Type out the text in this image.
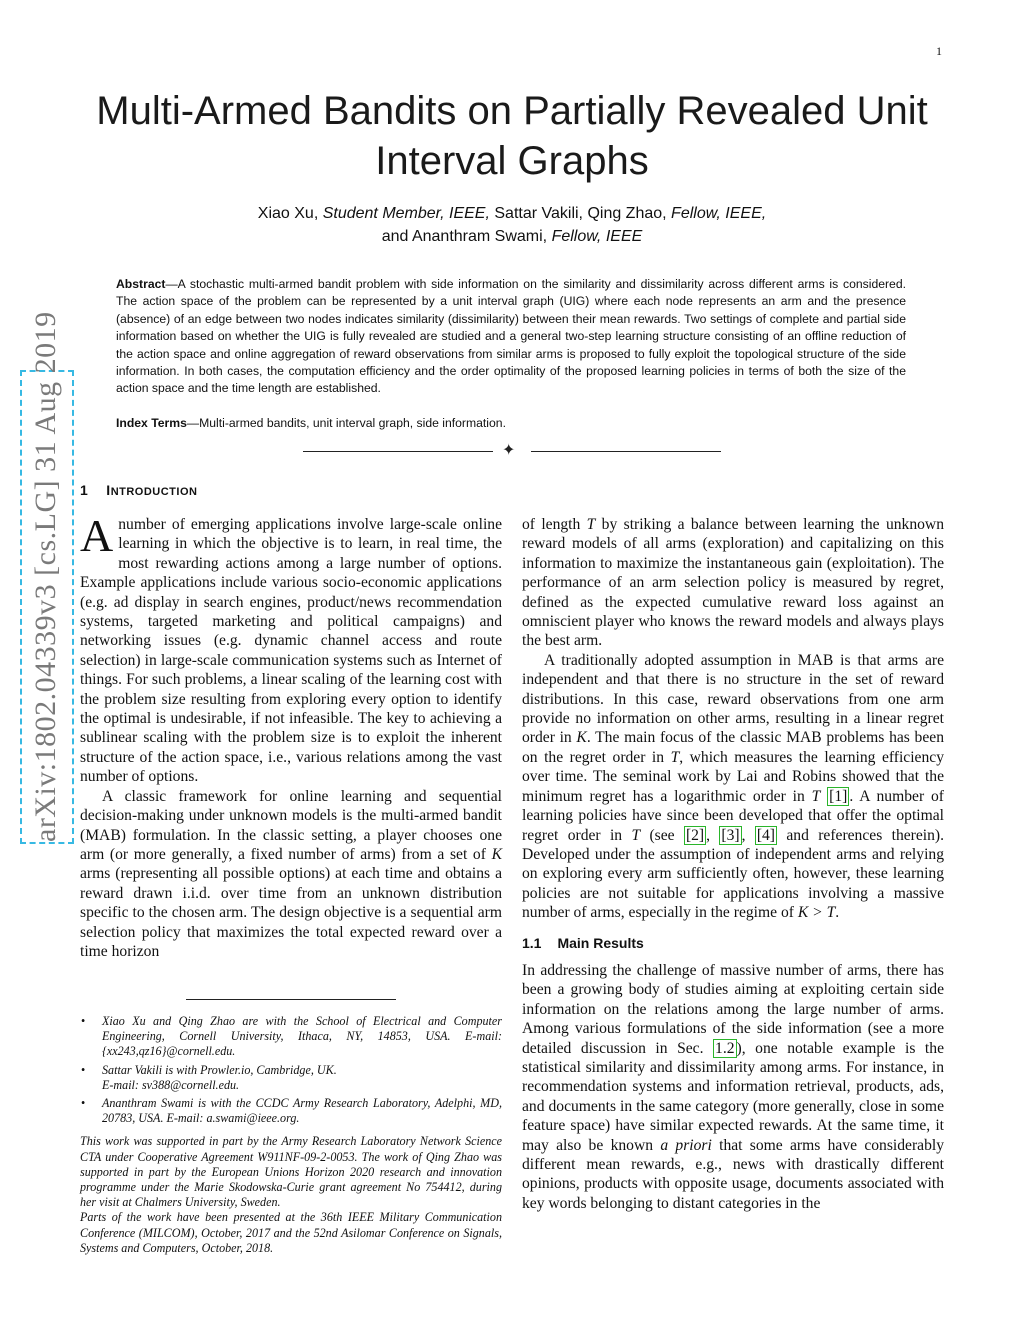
1
Multi-Armed Bandits on Partially Revealed Unit Interval Graphs
Xiao Xu, Student Member, IEEE, Sattar Vakili, Qing Zhao, Fellow, IEEE,
and Ananthram Swami, Fellow, IEEE
Abstract—A stochastic multi-armed bandit problem with side information on the similarity and dissimilarity across different arms is considered. The action space of the problem can be represented by a unit interval graph (UIG) where each node represents an arm and the presence (absence) of an edge between two nodes indicates similarity (dissimilarity) between their mean rewards. Two settings of complete and partial side information based on whether the UIG is fully revealed are studied and a general two-step learning structure consisting of an offline reduction of the action space and online aggregation of reward observations from similar arms is proposed to fully exploit the topological structure of the side information. In both cases, the computation efficiency and the order optimality of the proposed learning policies in terms of both the size of the action space and the time length are established.
Index Terms—Multi-armed bandits, unit interval graph, side information.
✦
arXiv:1802.04339v3 [cs.LG] 31 Aug 2019	1 INTRODUCTION

Anumber of emerging applications involve large-scale online learning in which the objective is to learn, in real time, the most rewarding actions among a large number of options. Example applications include various socio-economic applications (e.g. ad display in search engines, product/news recommendation systems, targeted marketing and political campaigns) and networking issues (e.g. dynamic channel access and route selection) in large-scale communication systems such as Internet of things. For such problems, a linear scaling of the learning cost with the problem size resulting from exploring every option to identify the optimal is undesirable, if not infeasible. The key to achieving a sublinear scaling with the problem size is to exploit the inherent structure of the action space, i.e., various relations among the vast number of options.

A classic framework for online learning and sequential decision-making under unknown models is the multi-armed bandit (MAB) formulation. In the classic setting, a player chooses one arm (or more generally, a fixed number of arms) from a set of K arms (representing all possible options) at each time and obtains a reward drawn i.i.d. over time from an unknown distribution specific to the chosen arm. The design objective is a sequential arm selection policy that maximizes the total expected reward over a time horizon

of length T by striking a balance between learning the unknown reward models of all arms (exploration) and capitalizing on this information to maximize the instantaneous gain (exploitation). The performance of an arm selection policy is measured by regret, defined as the expected cumulative reward loss against an omniscient player who knows the reward models and always plays the best arm.

A traditionally adopted assumption in MAB is that arms are independent and that there is no structure in the set of reward distributions. In this case, reward observations from one arm provide no information on other arms, resulting in a linear regret order in K. The main focus of the classic MAB problems has been on the regret order in T, which measures the learning efficiency over time. The seminal work by Lai and Robins showed that the minimum regret has a logarithmic order in T [1] . A number of learning policies have since been developed that offer the optimal regret order in T (see [2] , [3] , [4] and references therein). Developed under the assumption of independent arms and relying on exploring every arm sufficiently often, however, these learning policies are not suitable for applications involving a massive number of arms, especially in the regime of K > T.

1.1 Main Results

In addressing the challenge of massive number of arms, there has been a growing body of studies aiming at exploiting certain side information on the relations among the large number of arms. Among various formulations of the side information (see a more detailed discussion in Sec. 1.2 ), one notable example is the statistical similarity and dissimilarity among arms. For instance, in recommendation systems and information retrieval, products, ads, and documents in the same category (more generally, close in some feature space) have similar expected rewards. At the same time, it may also be known a priori that some arms have considerably different mean rewards, e.g., news with drastically different opinions, products with opposite usage, documents associated with key words belonging to distant categories in the

• Xiao Xu and Qing Zhao are with the School of Electrical and Computer Engineering, Cornell University, Ithaca, NY, 14853, USA. E-mail: {xx243,qz16}@cornell.edu.
• Sattar Vakili is with Prowler.io, Cambridge, UK.
E-mail: sv388@cornell.edu.
• Ananthram Swami is with the CCDC Army Research Laboratory, Adelphi, MD, 20783, USA. E-mail: a.swami@ieee.org.

This work was supported in part by the Army Research Laboratory Network Science CTA under Cooperative Agreement W911NF-09-2-0053. The work of Qing Zhao was supported in part by the European Unions Horizon 2020 research and innovation programme under the Marie Skodowska-Curie grant agreement No 754412, during her visit at Chalmers University, Sweden.

Parts of the work have been presented at the 36th IEEE Military Communication Conference (MILCOM), October, 2017 and the 52nd Asilomar Conference on Signals, Systems and Computers, October, 2018.
